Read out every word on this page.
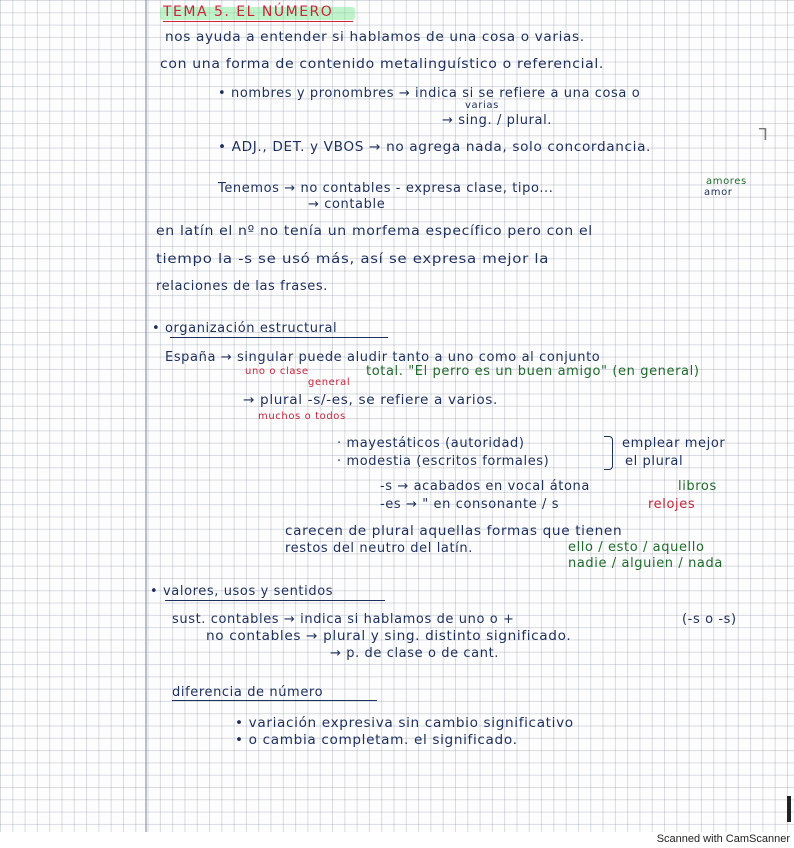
TEMA 5. EL NÚMERO
nos ayuda a entender si hablamos de una cosa o varias.
con una forma de contenido metalinguístico o referencial.
• nombres y pronombres → indica si se refiere a una cosa o
varias
→ sing. / plural.
• ADJ., DET. y VBOS → no agrega nada, solo concordancia.
ᒣ
Tenemos → no contables - expresa clase, tipo...
→ contable
amores
amor
en latín el nº no tenía un morfema específico pero con el
tiempo la -s se usó más, así se expresa mejor la
relaciones de las frases.
• organización estructural
España → singular puede aludir tanto a uno como al conjunto
uno o clase
general
total. "El perro es un buen amigo" (en general)
→ plural -s/-es, se refiere a varios.
muchos o todos
· mayestáticos (autoridad)
· modestia (escritos formales)
emplear mejor
el plural
-s → acabados en vocal átona
-es → " en consonante / s
libros
relojes
carecen de plural aquellas formas que tienen
restos del neutro del latín.	ello / esto / aquello
nadie / alguien / nada
• valores, usos y sentidos
sust. contables → indica si hablamos de uno o +	(-s o -s)
no contables → plural y sing. distinto significado.
→ p. de clase o de cant.
diferencia de número
• variación expresiva sin cambio significativo
• o cambia completam. el significado.
Scanned with CamScanner
